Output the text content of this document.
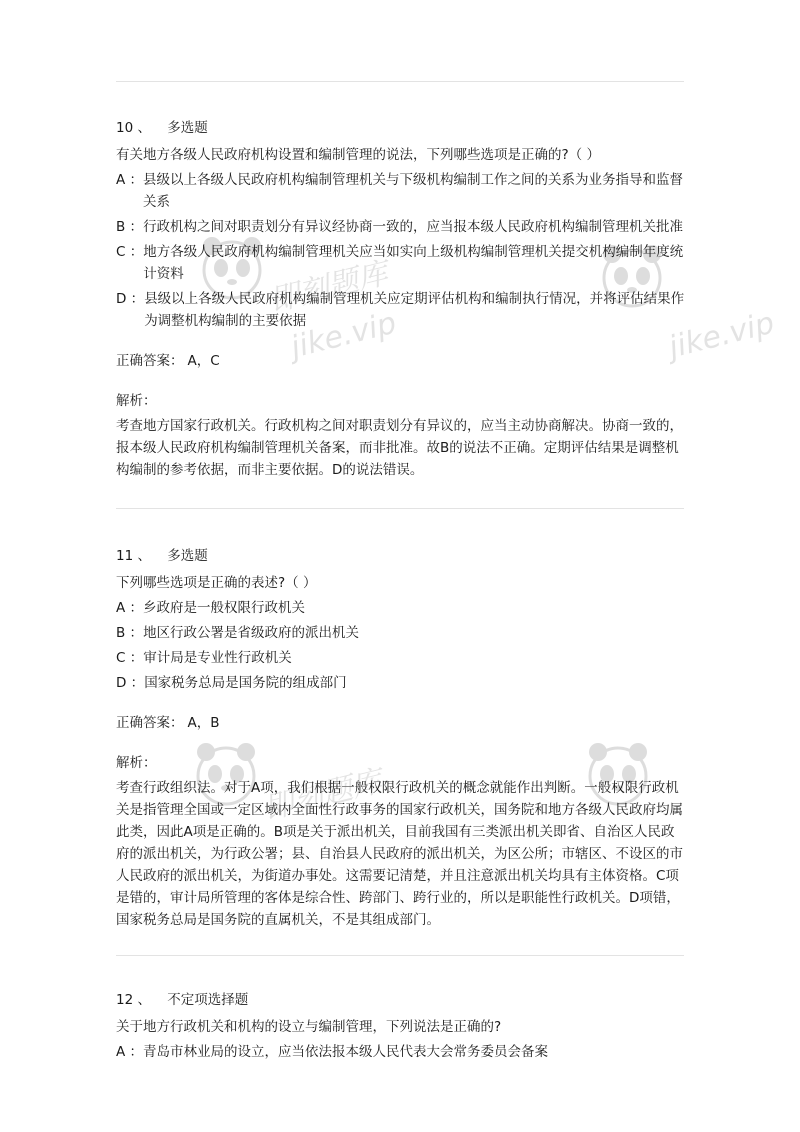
10 、 多选题
有关地方各级人民政府机构设置和编制管理的说法，下列哪些选项是正确的?（ ）
A ： 县级以上各级人民政府机构编制管理机关与下级机构编制工作之间的关系为业务指导和监督关系
B ： 行政机构之间对职责划分有异议经协商一致的，应当报本级人民政府机构编制管理机关批准
C ： 地方各级人民政府机构编制管理机关应当如实向上级机构编制管理机关提交机构编制年度统计资料
D ： 县级以上各级人民政府机构编制管理机关应定期评估机构和编制执行情况，并将评估结果作为调整机构编制的主要依据
正确答案： A，C
解析：
考查地方国家行政机关。行政机构之间对职责划分有异议的，应当主动协商解决。协商一致的，报本级人民政府机构编制管理机关备案，而非批准。故B的说法不正确。定期评估结果是调整机构编制的参考依据，而非主要依据。D的说法错误。
11 、 多选题
下列哪些选项是正确的表述?（ ）
A ： 乡政府是一般权限行政机关
B ： 地区行政公署是省级政府的派出机关
C ： 审计局是专业性行政机关
D ： 国家税务总局是国务院的组成部门
正确答案： A，B
解析：
考查行政组织法。对于A项，我们根据一般权限行政机关的概念就能作出判断。一般权限行政机关是指管理全国或一定区域内全面性行政事务的国家行政机关，国务院和地方各级人民政府均属此类，因此A项是正确的。B项是关于派出机关，目前我国有三类派出机关即省、自治区人民政府的派出机关，为行政公署；县、自治县人民政府的派出机关，为区公所；市辖区、不设区的市人民政府的派出机关，为街道办事处。这需要记清楚，并且注意派出机关均具有主体资格。C项是错的，审计局所管理的客体是综合性、跨部门、跨行业的，所以是职能性行政机关。D项错，国家税务总局是国务院的直属机关，不是其组成部门。
12 、 不定项选择题
关于地方行政机关和机构的设立与编制管理，下列说法是正确的?
A ： 青岛市林业局的设立，应当依法报本级人民代表大会常务委员会备案
即刻题库
jike.vip	jike.vip
即刻题库
